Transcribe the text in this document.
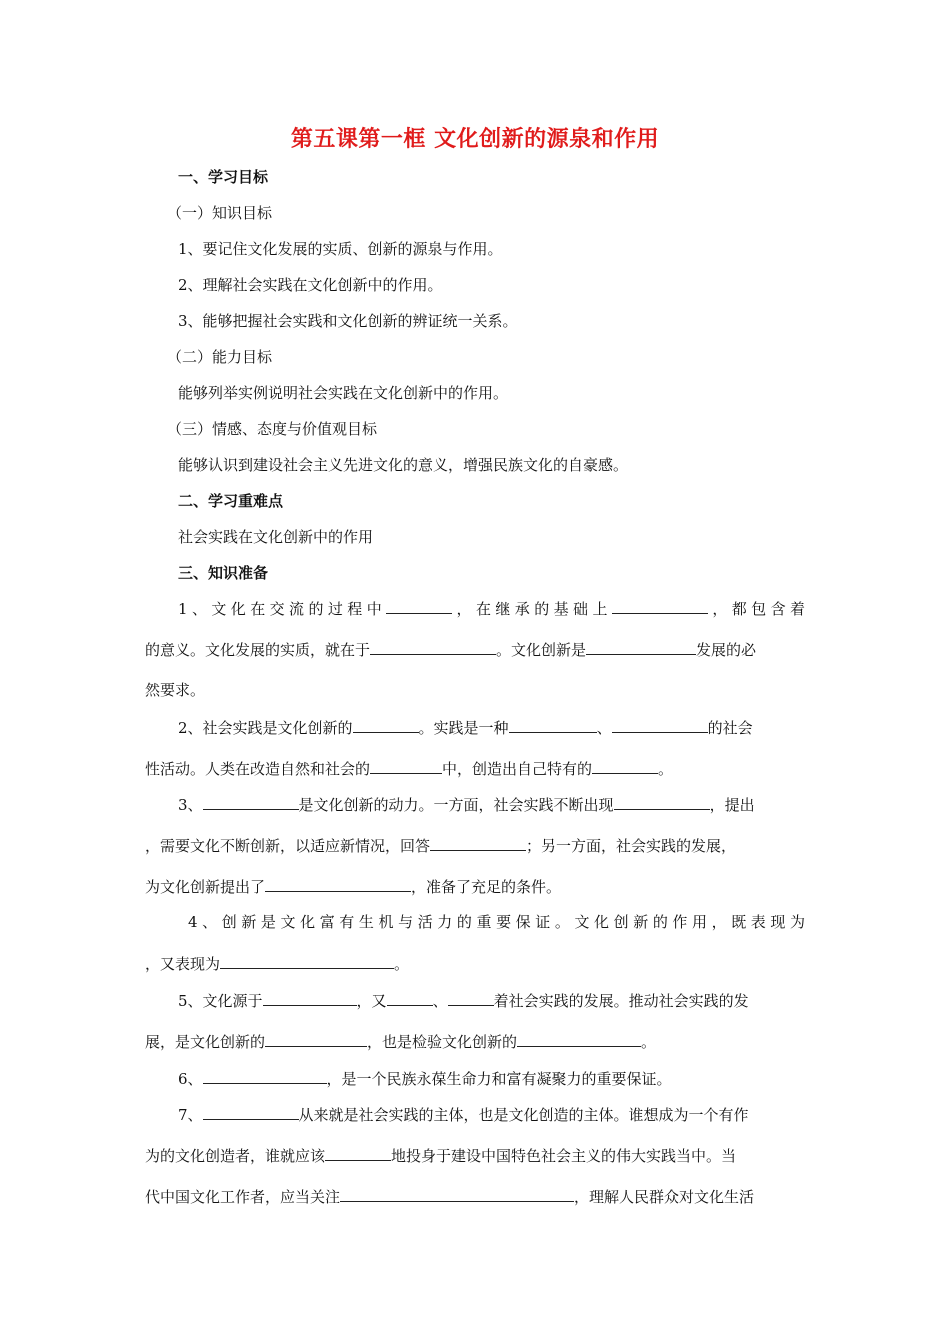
第五课第一框 文化创新的源泉和作用
一、学习目标
（一）知识目标
1、要记住文化发展的实质、创新的源泉与作用。
2、理解社会实践在文化创新中的作用。
3、能够把握社会实践和文化创新的辨证统一关系。
（二）能力目标
能够列举实例说明社会实践在文化创新中的作用。
（三）情感、态度与价值观目标
能够认识到建设社会主义先进文化的意义，增强民族文化的自豪感。
二、学习重难点
社会实践在文化创新中的作用
三、知识准备
1、文化在交流的过程中	，在继承的基础上	，都包含着
的意义。文化发展的实质，就在于	。文化创新是	发展的必
然要求。
2、社会实践是文化创新的	。实践是一种	、	的社会
性活动。人类在改造自然和社会的	中，创造出自己特有的	。
3、	是文化创新的动力。一方面，社会实践不断出现	，提出
，需要文化不断创新，以适应新情况，回答	；另一方面，社会实践的发展，
为文化创新提出了	，准备了充足的条件。
4、创新是文化富有生机与活力的重要保证。文化创新的作用，既表现为
，又表现为	。
5、文化源于	，又	、	着社会实践的发展。推动社会实践的发
展，是文化创新的	，也是检验文化创新的	。
6、	，是一个民族永葆生命力和富有凝聚力的重要保证。
7、	从来就是社会实践的主体，也是文化创造的主体。谁想成为一个有作
为的文化创造者，谁就应该	地投身于建设中国特色社会主义的伟大实践当中。当
代中国文化工作者，应当关注	，理解人民群众对文化生活
